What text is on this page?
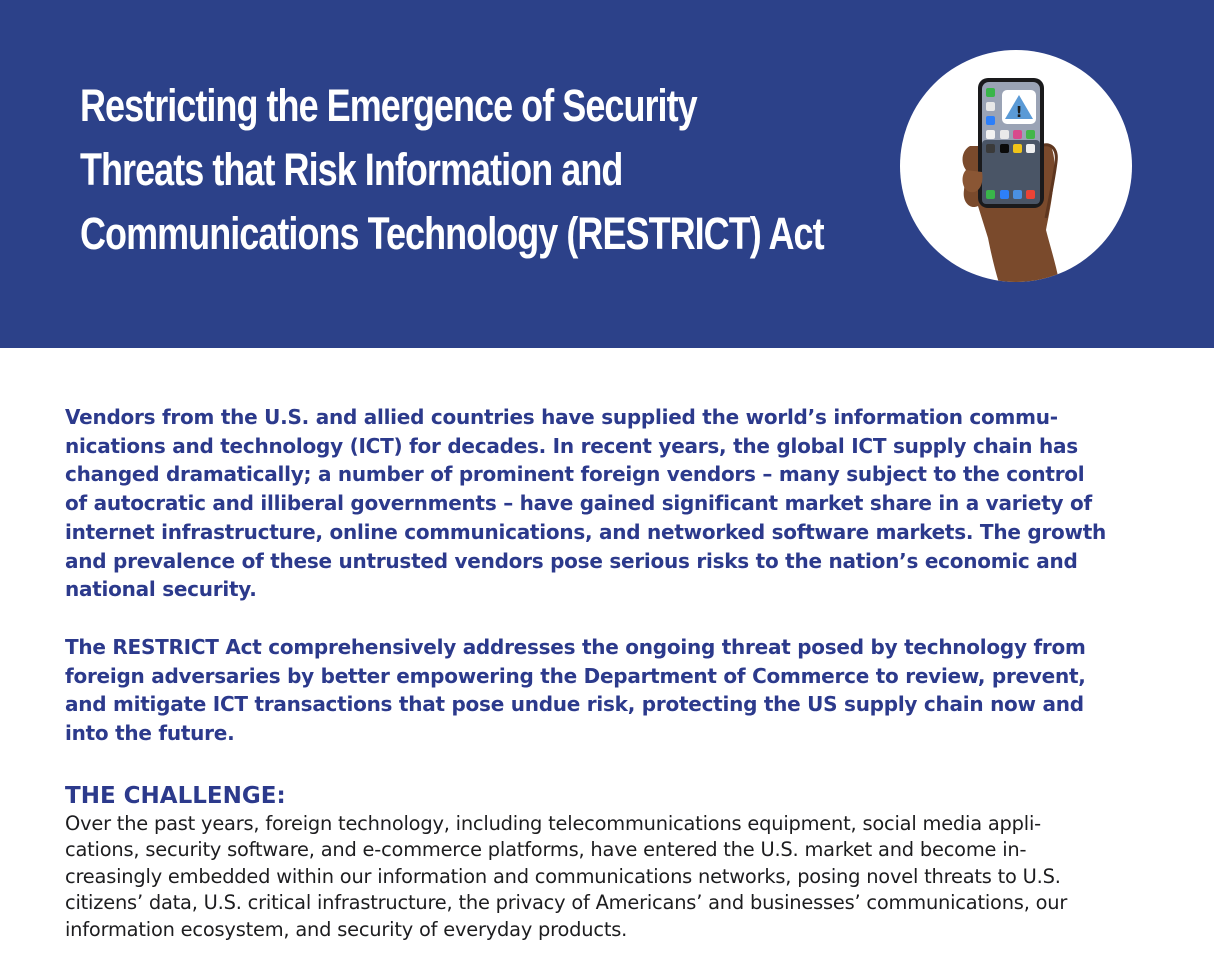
Restricting the Emergence of Security
Threats that Risk Information and
Communications Technology (RESTRICT) Act
!

Vendors from the U.S. and allied countries have supplied the world’s information commu-
nications and technology (ICT) for decades. In recent years, the global ICT supply chain has
changed dramatically; a number of prominent foreign vendors – many subject to the control
of autocratic and illiberal governments – have gained significant market share in a variety of
internet infrastructure, online communications, and networked software markets. The growth
and prevalence of these untrusted vendors pose serious risks to the nation’s economic and
national security.

The RESTRICT Act comprehensively addresses the ongoing threat posed by technology from
foreign adversaries by better empowering the Department of Commerce to review, prevent,
and mitigate ICT transactions that pose undue risk, protecting the US supply chain now and
into the future.

THE CHALLENGE:

Over the past years, foreign technology, including telecommunications equipment, social media appli-
cations, security software, and e-commerce platforms, have entered the U.S. market and become in-
creasingly embedded within our information and communications networks, posing novel threats to U.S.
citizens’ data, U.S. critical infrastructure, the privacy of Americans’ and businesses’ communications, our
information ecosystem, and security of everyday products.
